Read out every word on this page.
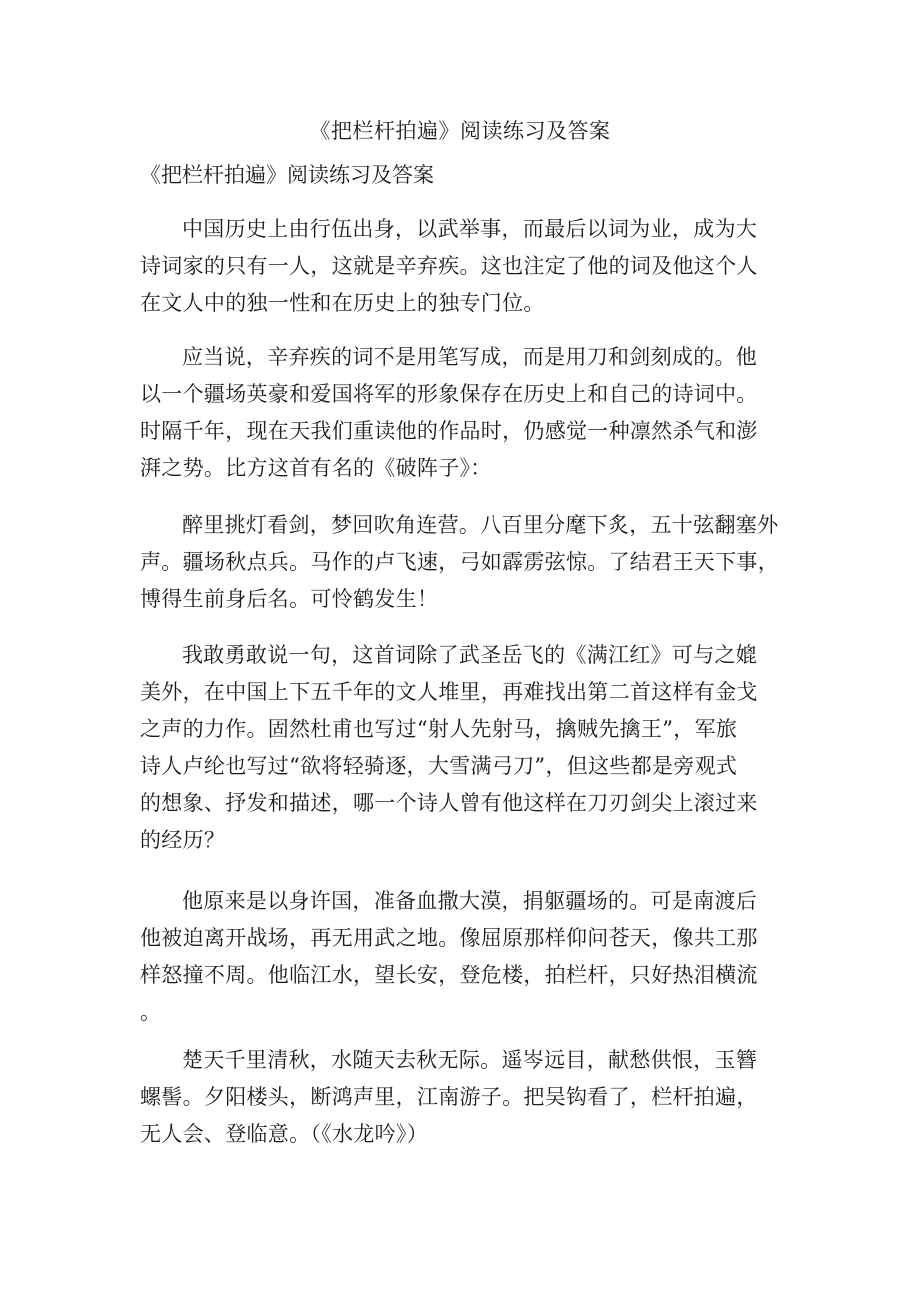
《把栏杆拍遍》阅读练习及答案
《把栏杆拍遍》阅读练习及答案
中国历史上由行伍出身，以武举事，而最后以词为业，成为大
诗词家的只有一人，这就是辛弃疾。这也注定了他的词及他这个人
在文人中的独一性和在历史上的独专门位。
应当说，辛弃疾的词不是用笔写成，而是用刀和剑刻成的。他
以一个疆场英豪和爱国将军的形象保存在历史上和自己的诗词中。
时隔千年，现在天我们重读他的作品时，仍感觉一种凛然杀气和澎
湃之势。比方这首有名的《破阵子》：
醉里挑灯看剑，梦回吹角连营。八百里分麾下炙，五十弦翻塞外
声。疆场秋点兵。马作的卢飞速，弓如霹雳弦惊。了结君王天下事，
博得生前身后名。可怜鹤发生！
我敢勇敢说一句，这首词除了武圣岳飞的《满江红》可与之媲
美外，在中国上下五千年的文人堆里，再难找出第二首这样有金戈
之声的力作。固然杜甫也写过“射人先射马，擒贼先擒王”，军旅
诗人卢纶也写过“欲将轻骑逐，大雪满弓刀”，但这些都是旁观式
的想象、抒发和描述，哪一个诗人曾有他这样在刀刃剑尖上滚过来
的经历？
他原来是以身许国，准备血撒大漠，捐躯疆场的。可是南渡后
他被迫离开战场，再无用武之地。像屈原那样仰问苍天，像共工那
样怒撞不周。他临江水，望长安，登危楼，拍栏杆，只好热泪横流
。
楚天千里清秋，水随天去秋无际。遥岑远目，献愁供恨，玉簪
螺髻。夕阳楼头，断鸿声里，江南游子。把吴钩看了，栏杆拍遍，
无人会、登临意。（《水龙吟》）
